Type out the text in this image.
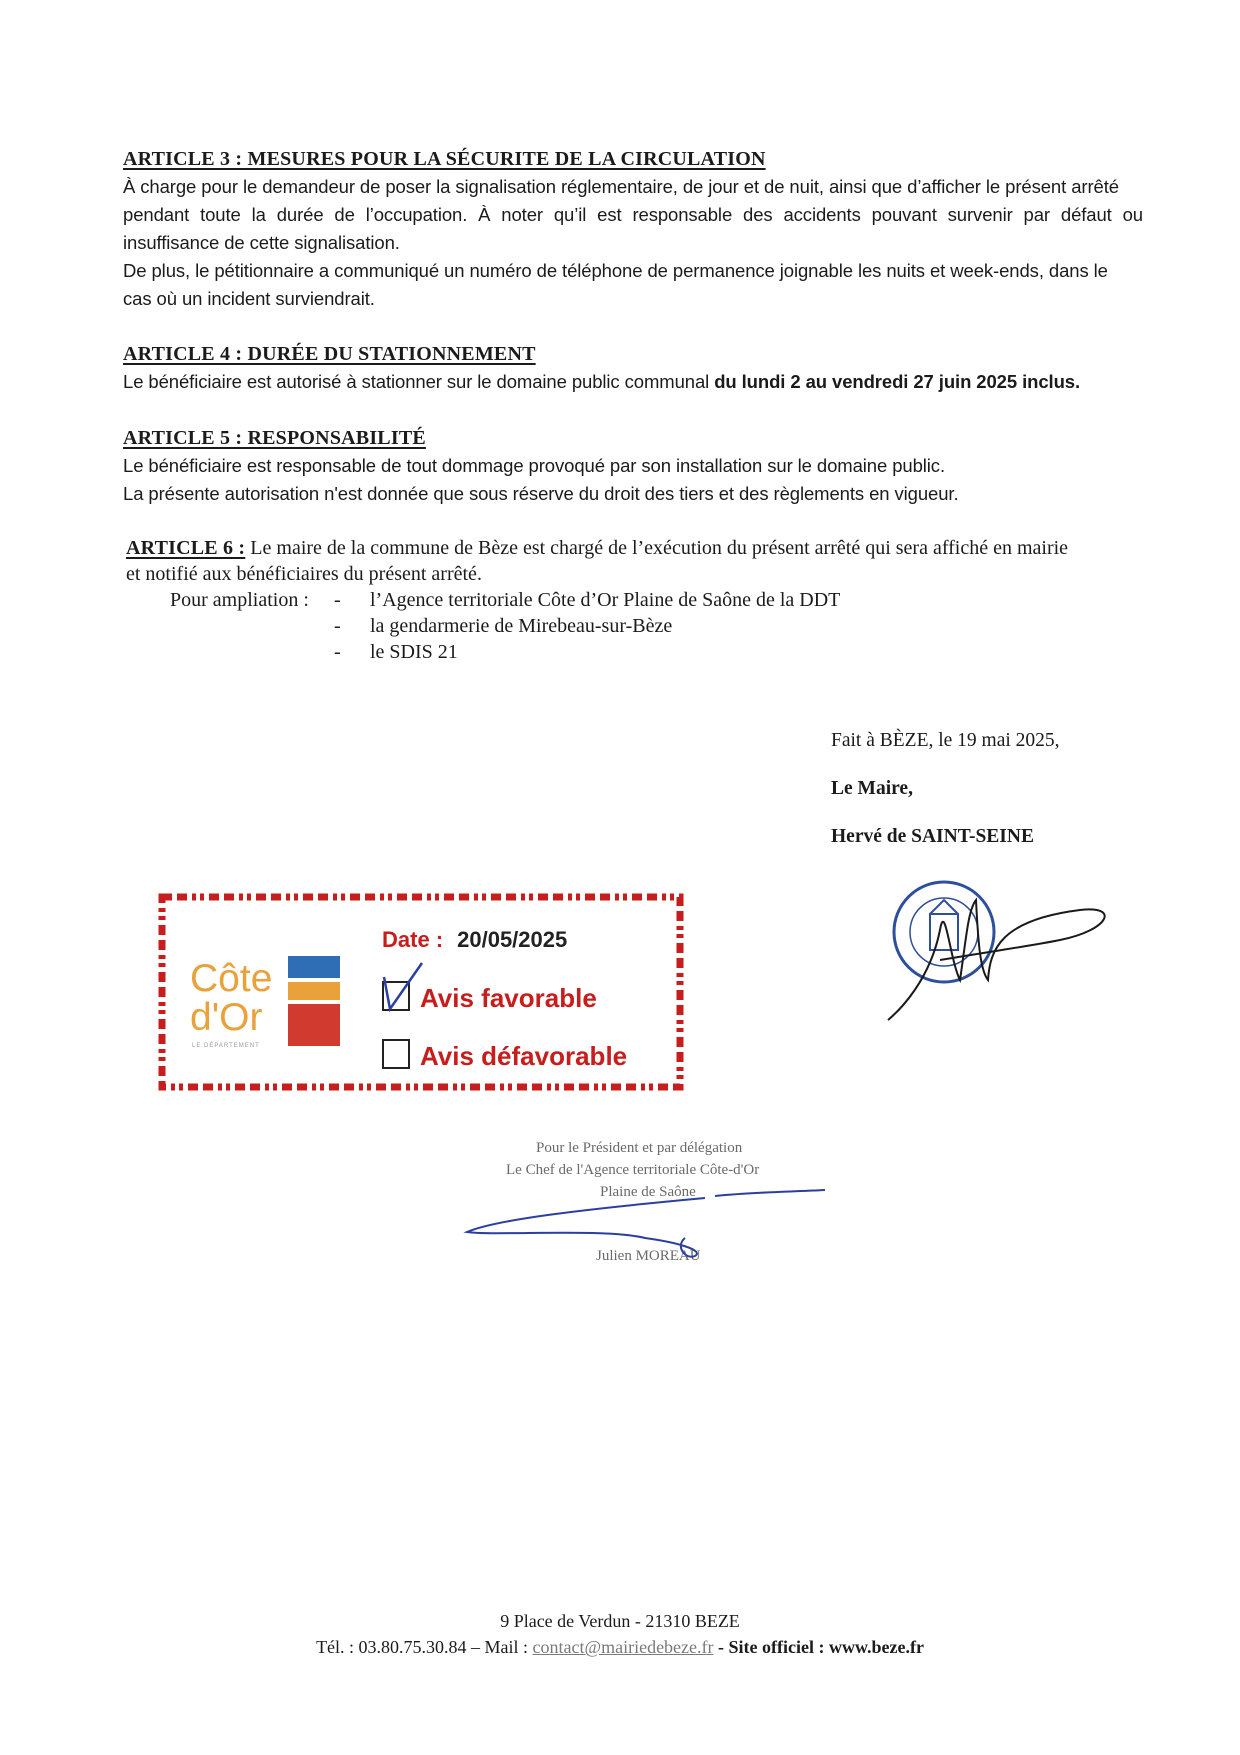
ARTICLE 3 : MESURES POUR LA SÉCURITE DE LA CIRCULATION
À charge pour le demandeur de poser la signalisation réglementaire, de jour et de nuit, ainsi que d’afficher le présent arrêté
pendant toute la durée de l’occupation. À noter qu’il est responsable des accidents pouvant survenir par défaut ou
insuffisance de cette signalisation.
De plus, le pétitionnaire a communiqué un numéro de téléphone de permanence joignable les nuits et week-ends, dans le
cas où un incident surviendrait.
ARTICLE 4 : DURÉE DU STATIONNEMENT
Le bénéficiaire est autorisé à stationner sur le domaine public communal du lundi 2 au vendredi 27 juin 2025 inclus.
ARTICLE 5 : RESPONSABILITÉ
Le bénéficiaire est responsable de tout dommage provoqué par son installation sur le domaine public.
La présente autorisation n'est donnée que sous réserve du droit des tiers et des règlements en vigueur.
ARTICLE 6 : Le maire de la commune de Bèze est chargé de l’exécution du présent arrêté qui sera affiché en mairie
et notifié aux bénéficiaires du présent arrêté.
Pour ampliation : - l’Agence territoriale Côte d’Or Plaine de Saône de la DDT
- la gendarmerie de Mirebeau-sur-Bèze
- le SDIS 21
Fait à BÈZE, le 19 mai 2025,
Le Maire,
Hervé de SAINT-SEINE
Côte
d'Or
LE DÉPARTEMENT
Date : 20/05/2025
Avis favorable
Avis défavorable
Pour le Président et par délégation
Le Chef de l'Agence territoriale Côte-d'Or
Plaine de Saône
Julien MOREAU
9 Place de Verdun - 21310 BEZE
Tél. : 03.80.75.30.84 – Mail : contact@mairiedebeze.fr - Site officiel : www.beze.fr
